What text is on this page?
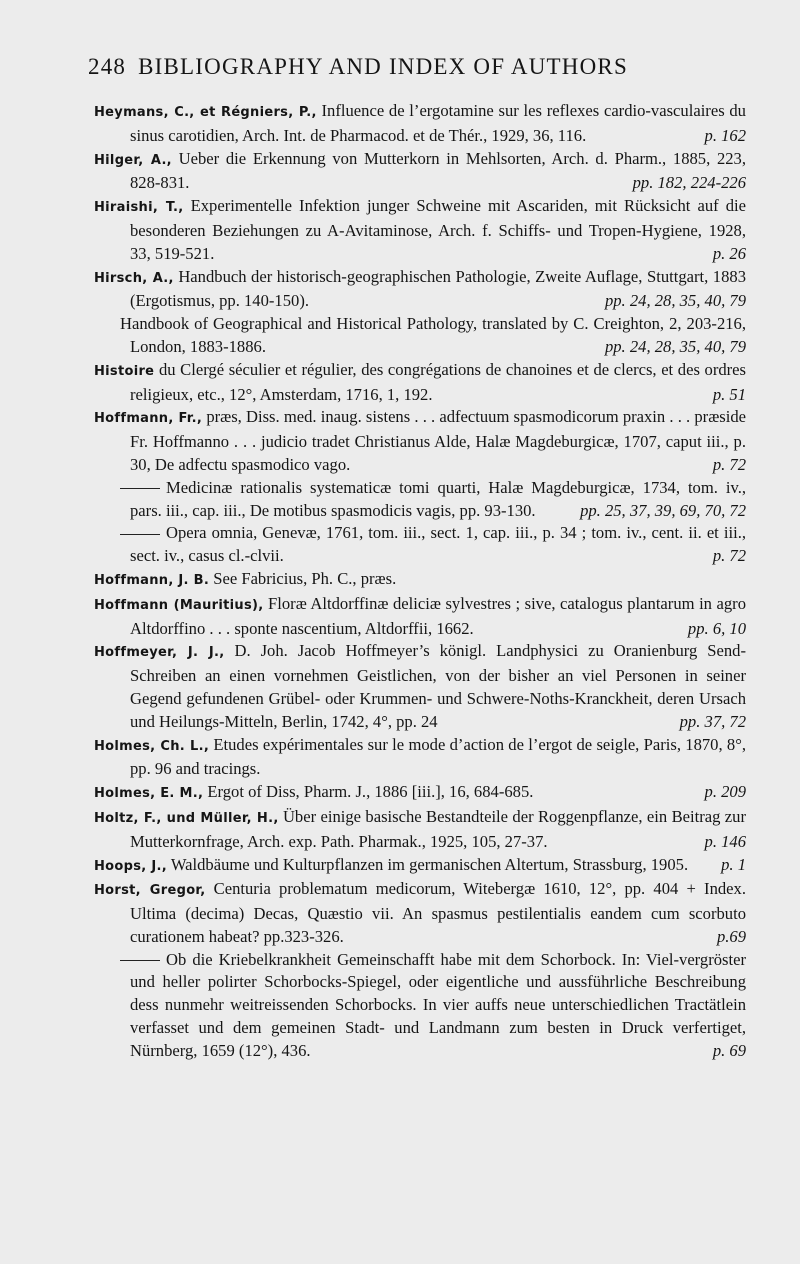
248 BIBLIOGRAPHY AND INDEX OF AUTHORS
Heymans, C., et Régniers, P., Influence de l’ergotamine sur les reflexes cardio-vasculaires du sinus carotidien, Arch. Int. de Pharmacod. et de Thér., 1929, 36, 116.	p. 162
Hilger, A., Ueber die Erkennung von Mutterkorn in Mehlsorten, Arch. d. Pharm., 1885, 223, 828-831.	pp. 182, 224-226
Hiraishi, T., Experimentelle Infektion junger Schweine mit Ascariden, mit Rücksicht auf die besonderen Beziehungen zu A-Avitaminose, Arch. f. Schiffs- und Tropen-Hygiene, 1928, 33, 519-521.	p. 26
Hirsch, A., Handbuch der historisch-geographischen Pathologie, Zweite Auflage, Stuttgart, 1883 (Ergotismus, pp. 140-150).	pp. 24, 28, 35, 40, 79
Handbook of Geographical and Historical Pathology, translated by C. Creighton, 2, 203-216, London, 1883-1886.	pp. 24, 28, 35, 40, 79
Histoire du Clergé séculier et régulier, des congrégations de chanoines et de clercs, et des ordres religieux, etc., 12°, Amsterdam, 1716, 1, 192.	p. 51
Hoffmann, Fr., præs, Diss. med. inaug. sistens . . . adfectuum spasmodicorum praxin . . . præside Fr. Hoffmanno . . . judicio tradet Christianus Alde, Halæ Magdeburgicæ, 1707, caput iii., p. 30, De adfectu spasmodico vago.	p. 72
Medicinæ rationalis systematicæ tomi quarti, Halæ Magdeburgicæ, 1734, tom. iv., pars. iii., cap. iii., De motibus spasmodicis vagis, pp. 93-130.	pp. 25, 37, 39, 69, 70, 72
Opera omnia, Genevæ, 1761, tom. iii., sect. 1, cap. iii., p. 34 ; tom. iv., cent. ii. et iii., sect. iv., casus cl.-clvii.	p. 72
Hoffmann, J. B. See Fabricius, Ph. C., præs.
Hoffmann (Mauritius), Floræ Altdorffinæ deliciæ sylvestres ; sive, catalogus plantarum in agro Altdorffino . . . sponte nascentium, Altdorffii, 1662.	pp. 6, 10
Hoffmeyer, J. J., D. Joh. Jacob Hoffmeyer’s königl. Landphysici zu Oranienburg Send-Schreiben an einen vornehmen Geistlichen, von der bisher an viel Personen in seiner Gegend gefundenen Grübel- oder Krummen- und Schwere-Noths-Kranckheit, deren Ursach und Heilungs-Mitteln, Berlin, 1742, 4°, pp. 24	pp. 37, 72
Holmes, Ch. L., Etudes expérimentales sur le mode d’action de l’ergot de seigle, Paris, 1870, 8°, pp. 96 and tracings.
Holmes, E. M., Ergot of Diss, Pharm. J., 1886 [iii.], 16, 684-685.	p. 209
Holtz, F., und Müller, H., Über einige basische Bestandteile der Roggenpflanze, ein Beitrag zur Mutterkornfrage, Arch. exp. Path. Pharmak., 1925, 105, 27-37.	p. 146
Hoops, J., Waldbäume und Kulturpflanzen im germanischen Altertum, Strassburg, 1905. p. 1
Horst, Gregor, Centuria problematum medicorum, Witebergæ 1610, 12°, pp. 404 + Index. Ultima (decima) Decas, Quæstio vii. An spasmus pestilentialis eandem cum scorbuto curationem habeat? pp.323-326.	p.69
Ob die Kriebelkrankheit Gemeinschafft habe mit dem Schorbock. In: Viel-vergröster und heller polirter Schorbocks-Spiegel, oder eigentliche und aussführliche Beschreibung dess nunmehr weitreissenden Schorbocks. In vier auffs neue unterschiedlichen Tractätlein verfasset und dem gemeinen Stadt- und Landmann zum besten in Druck verfertiget, Nürnberg, 1659 (12°), 436.	p. 69
